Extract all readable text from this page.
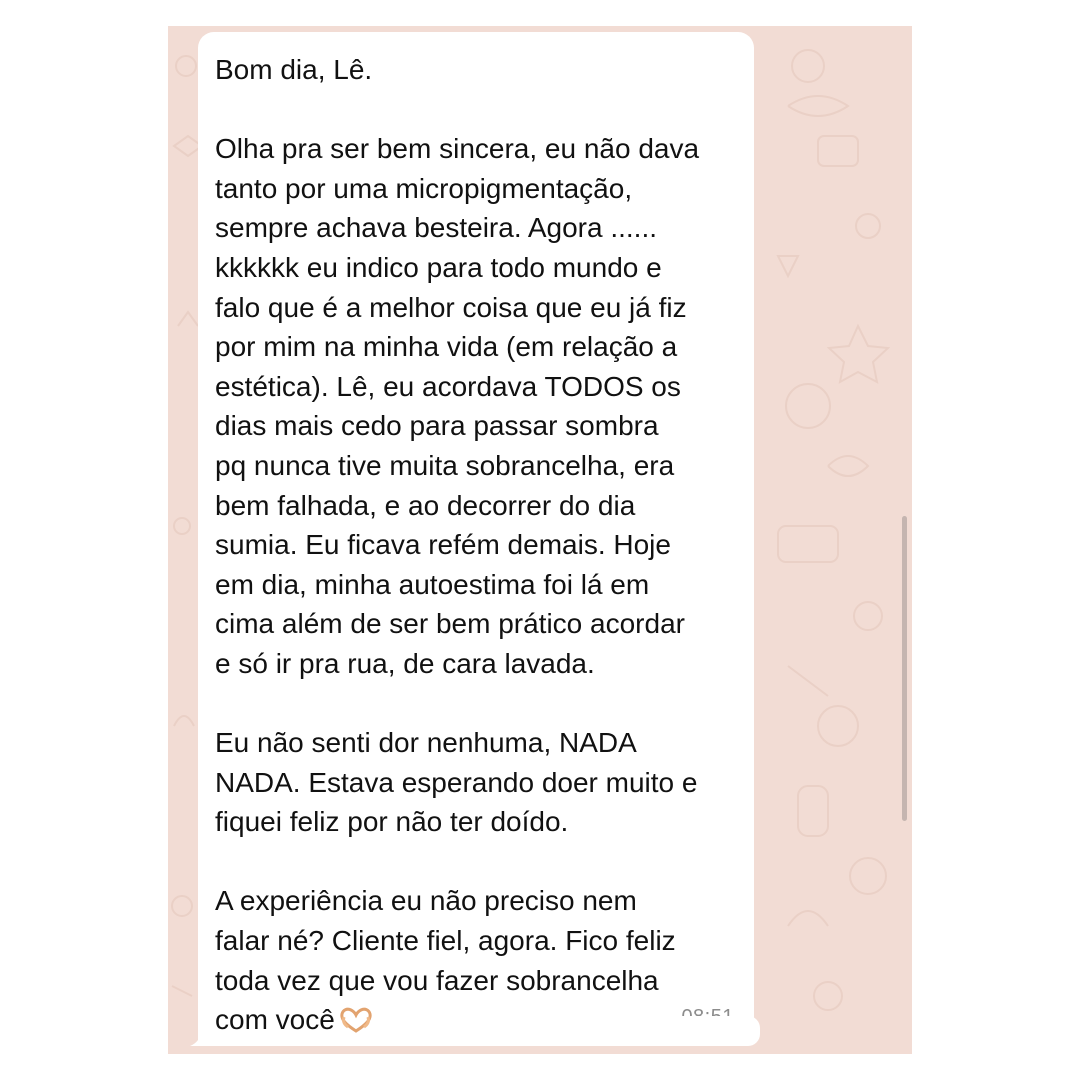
Bom dia, Lê.

Olha pra ser bem sincera, eu não dava
tanto por uma micropigmentação,
sempre achava besteira. Agora ......
kkkkkk eu indico para todo mundo e
falo que é a melhor coisa que eu já fiz
por mim na minha vida (em relação a
estética). Lê, eu acordava TODOS os
dias mais cedo para passar sombra
pq nunca tive muita sobrancelha, era
bem falhada, e ao decorrer do dia
sumia. Eu ficava refém demais. Hoje
em dia, minha autoestima foi lá em
cima além de ser bem prático acordar
e só ir pra rua, de cara lavada.

Eu não senti dor nenhuma, NADA
NADA. Estava esperando doer muito e
fiquei feliz por não ter doído.

A experiência eu não preciso nem
falar né? Cliente fiel, agora. Fico feliz
toda vez que vou fazer sobrancelha
com você
